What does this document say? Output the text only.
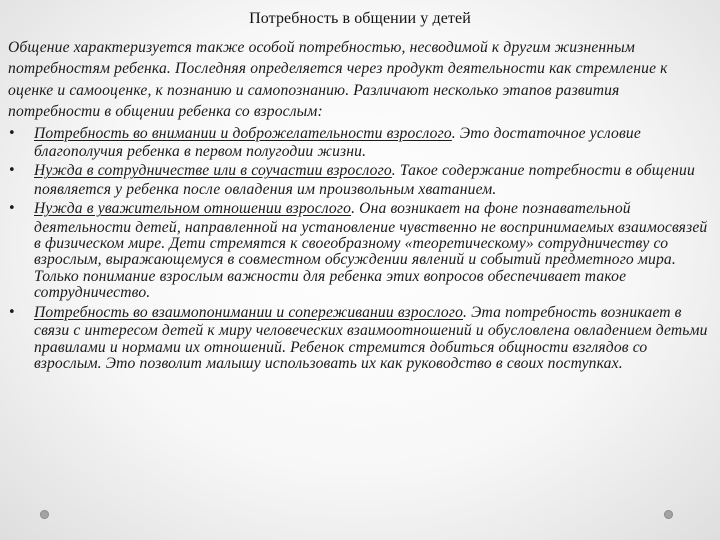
Потребность в общении у детей

Общение характеризуется также особой потребностью, несводимой к другим жизненным потребностям ребенка. Последняя определяется через продукт деятельности как стремление к оценке и самооценке, к познанию и самопознанию. Различают несколько этапов развития потребности в общении ребенка со взрослым:

• Потребность во внимании и доброжелательности взрослого. Это достаточное условие благополучия ребенка в первом полугодии жизни.
• Нужда в сотрудничестве или в соучастии взрослого. Такое содержание потребности в общении появляется у ребенка после овладения им произвольным хватанием.
• Нужда в уважительном отношении взрослого. Она возникает на фоне познавательной деятельности детей, направленной на установление чувственно не воспринимаемых взаимосвязей в физическом мире. Дети стремятся к своеобразному «теоретическому» сотрудничеству со взрослым, выражающемуся в совместном обсуждении явлений и событий предметного мира. Только понимание взрослым важности для ребенка этих вопросов обеспечивает такое сотрудничество.
• Потребность во взаимопонимании и сопереживании взрослого. Эта потребность возникает в связи с интересом детей к миру человеческих взаимоотношений и обусловлена овладением детьми правилами и нормами их отношений. Ребенок стремится добиться общности взглядов со взрослым. Это позволит малышу использовать их как руководство в своих поступках.
